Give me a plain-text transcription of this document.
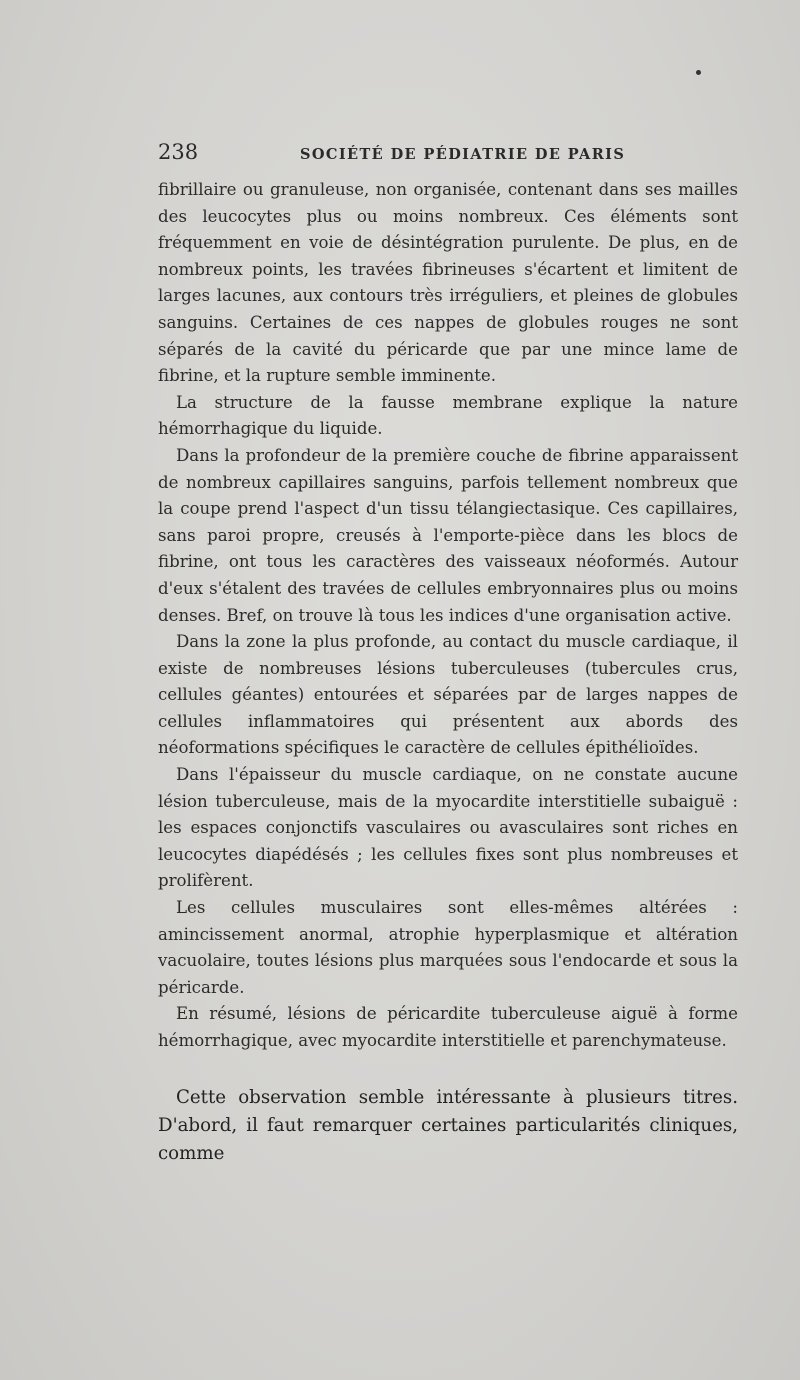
238	SOCIÉTÉ DE PÉDIATRIE DE PARIS

fibrillaire ou granuleuse, non organisée, contenant dans ses mailles des leucocytes plus ou moins nombreux. Ces éléments sont fréquemment en voie de désintégration purulente. De plus, en de nombreux points, les travées fibrineuses s'écartent et limitent de larges lacunes, aux contours très irréguliers, et pleines de globules sanguins. Certaines de ces nappes de globules rouges ne sont séparés de la cavité du péricarde que par une mince lame de fibrine, et la rupture semble imminente.

La structure de la fausse membrane explique la nature hémorrhagique du liquide.

Dans la profondeur de la première couche de fibrine apparaissent de nombreux capillaires sanguins, parfois tellement nombreux que la coupe prend l'aspect d'un tissu télangiectasique. Ces capillaires, sans paroi propre, creusés à l'emporte-pièce dans les blocs de fibrine, ont tous les caractères des vaisseaux néoformés. Autour d'eux s'étalent des travées de cellules embryonnaires plus ou moins denses. Bref, on trouve là tous les indices d'une organisation active.

Dans la zone la plus profonde, au contact du muscle cardiaque, il existe de nombreuses lésions tuberculeuses (tubercules crus, cellules géantes) entourées et séparées par de larges nappes de cellules inflammatoires qui présentent aux abords des néoformations spécifiques le caractère de cellules épithélioïdes.

Dans l'épaisseur du muscle cardiaque, on ne constate aucune lésion tuberculeuse, mais de la myocardite interstitielle subaiguë : les espaces conjonctifs vasculaires ou avasculaires sont riches en leucocytes diapédésés ; les cellules fixes sont plus nombreuses et prolifèrent.

Les cellules musculaires sont elles-mêmes altérées : amincissement anormal, atrophie hyperplasmique et altération vacuolaire, toutes lésions plus marquées sous l'endocarde et sous la péricarde.

En résumé, lésions de péricardite tuberculeuse aiguë à forme hémorrhagique, avec myocardite interstitielle et parenchymateuse.

Cette observation semble intéressante à plusieurs titres. D'abord, il faut remarquer certaines particularités cliniques, comme
